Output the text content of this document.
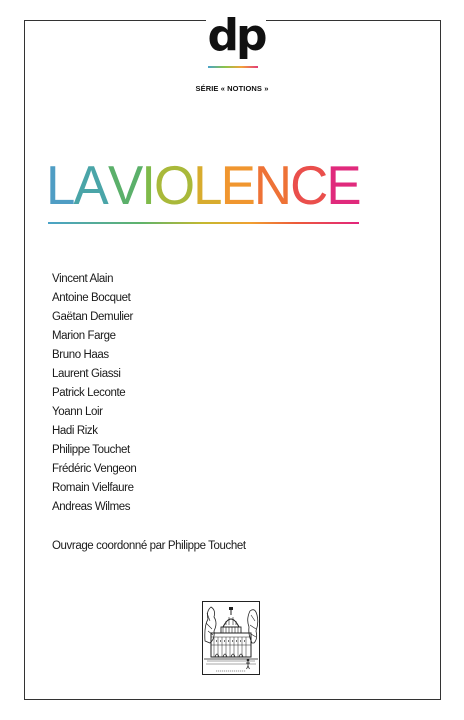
dp
SÉRIE « NOTIONS »
LA VIOLENCE
Vincent Alain
Antoine Bocquet
Gaëtan Demulier
Marion Farge
Bruno Haas
Laurent Giassi
Patrick Leconte
Yoann Loir
Hadi Rizk
Philippe Touchet
Frédéric Vengeon
Romain Vielfaure
Andreas Wilmes
Ouvrage coordonné par Philippe Touchet
